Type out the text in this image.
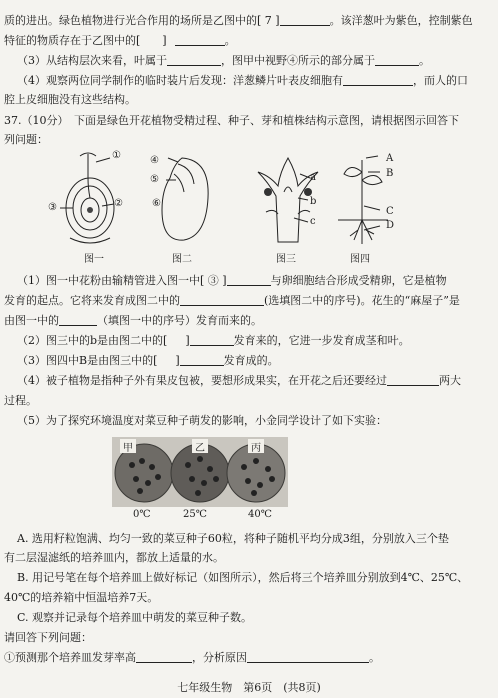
质的进出。绿色植物进行光合作用的场所是乙图中的[ 7 ]	。该洋葱叶为紫色，控制紫色
特征的物质存在于乙图中的[ ]	。
（3）从结构层次来看，叶属于	，图甲中视野④所示的部分属于	。
（4）观察两位同学制作的临时装片后发现：洋葱鳞片叶表皮细胞有	，而人的口
腔上皮细胞没有这些结构。
37.（10分）　下面是绿色开花植物受精过程、种子、芽和植株结构示意图，请根据图示回答下
列问题：
①
②
③
图一
④
⑤
⑥
图二
a
b
c
图三
A
B
C
D
图四
（1）图一中花粉由输精管进入图一中[ ③ ]	与卵细胞结合形成受精卵，它是植物
发育的起点。它将来发育成图二中的	(选填图二中的序号)。花生的“麻屋子”是
由图一中的	（填图一中的序号）发育而来的。
（2）图三中的b是由图二中的[ ]	发育来的，它进一步发育成茎和叶。
（3）图四中B是由图三中的[ ]	发育成的。
（4）被子植物是指种子外有果皮包被，要想形成果实，在开花之后还要经过	两大
过程。
（5）为了探究环境温度对菜豆种子萌发的影响，小金同学设计了如下实验：
甲	乙	丙
0℃	25℃	40℃
A. 选用籽粒饱满、均匀一致的菜豆种子60粒，将种子随机平均分成3组，分别放入三个垫
有二层湿滤纸的培养皿内，都放上适量的水。
B. 用记号笔在每个培养皿上做好标记（如图所示），然后将三个培养皿分别放到4℃、25℃、
40℃的培养箱中恒温培养7天。
C. 观察并记录每个培养皿中萌发的菜豆种子数。
请回答下列问题：
①预测那个培养皿发芽率高	，分析原因	。
七年级生物　第6页　(共8页)
